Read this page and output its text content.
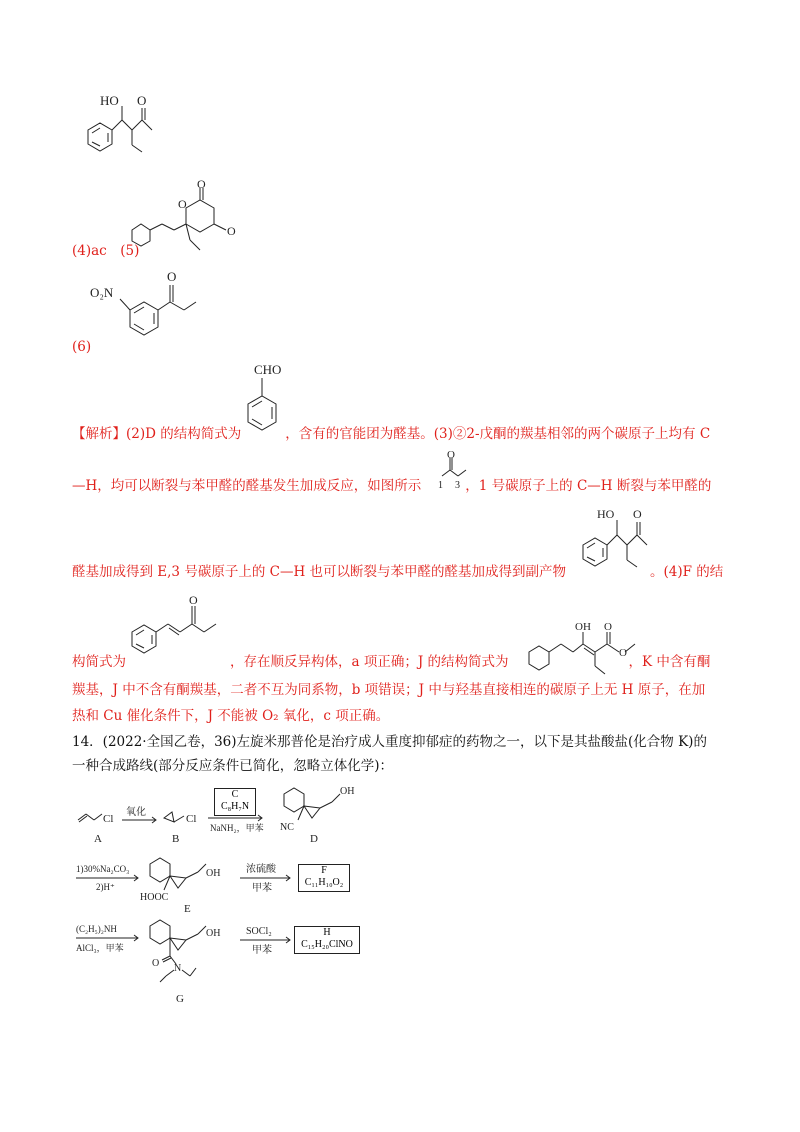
HO O
(4)ac　(5)
O
O
O
O₂N
O
(6)
CHO
【解析】(2)D 的结构简式为	，含有的官能团为醛基。(3)②2-戊酮的羰基相邻的两个碳原子上均有 C
O
1 3
—H，均可以断裂与苯甲醛的醛基发生加成反应，如图所示	，1 号碳原子上的 C—H 断裂与苯甲醛的
HO O
醛基加成得到 E,3 号碳原子上的 C—H 也可以断裂与苯甲醛的醛基加成得到副产物	。(4)F 的结
O
OH O
O
构简式为	，存在顺反异构体，a 项正确；J 的结构简式为	，K 中含有酮
羰基，J 中不含有酮羰基，二者不互为同系物，b 项错误；J 中与羟基直接相连的碳原子上无 H 原子，在加
热和 Cu 催化条件下，J 不能被 O₂ 氧化，c 项正确。
14．(2022·全国乙卷，36)左旋米那普伦是治疗成人重度抑郁症的药物之一，以下是其盐酸盐(化合物 K)的
一种合成路线(部分反应条件已简化，忽略立体化学)：
Cl
A
氧化
Cl
B
C
C₈H₇N
NaNH₂，甲苯
OH
NC
D
1)30%Na₂CO₃
2)H⁺
OH
HOOC
E
浓硫酸
甲苯
F
C₁₁H₁₀O₂
(C₂H₅)₂NH
AlCl₃，甲苯
OH
O N
G
SOCl₂
甲苯
H
C₁₅H₂₀ClNO
